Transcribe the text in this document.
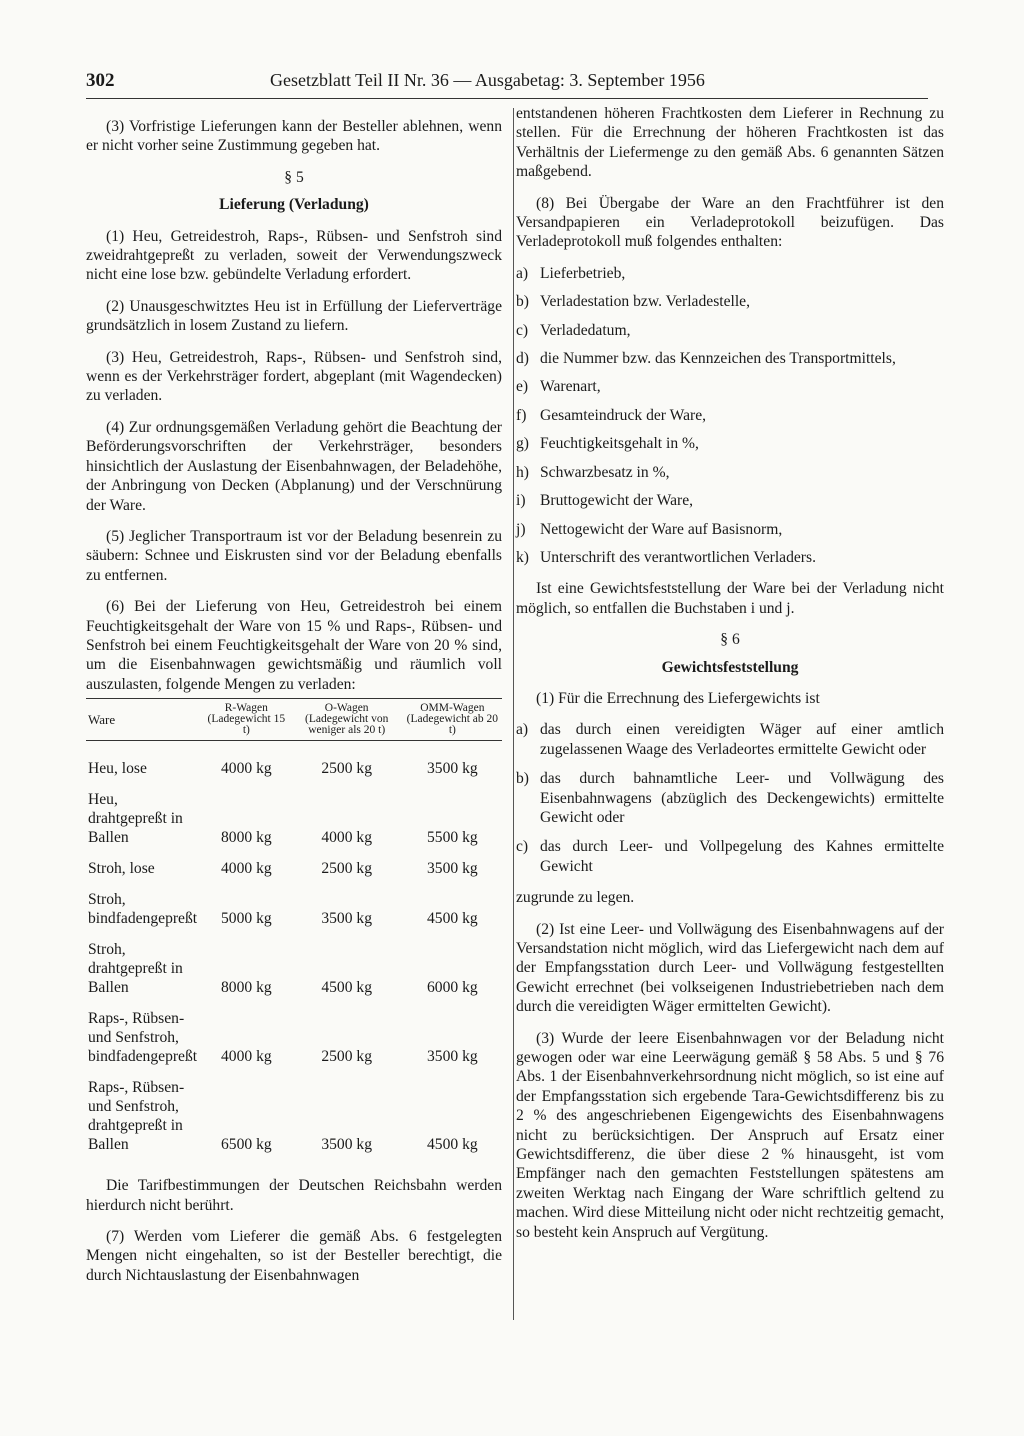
302	Gesetzblatt Teil II Nr. 36 — Ausgabetag: 3. September 1956

(3) Vorfristige Lieferungen kann der Besteller ablehnen, wenn er nicht vorher seine Zustimmung gegeben hat.

§ 5
Lieferung (Verladung)

(1) Heu, Getreidestroh, Raps-, Rübsen- und Senfstroh sind zweidrahtgepreßt zu verladen, soweit der Verwendungszweck nicht eine lose bzw. gebündelte Verladung erfordert.

(2) Unausgeschwitztes Heu ist in Erfüllung der Lieferverträge grundsätzlich in losem Zustand zu liefern.

(3) Heu, Getreidestroh, Raps-, Rübsen- und Senfstroh sind, wenn es der Verkehrsträger fordert, abgeplant (mit Wagendecken) zu verladen.

(4) Zur ordnungsgemäßen Verladung gehört die Beachtung der Beförderungsvorschriften der Verkehrsträger, besonders hinsichtlich der Auslastung der Eisenbahnwagen, der Beladehöhe, der Anbringung von Decken (Abplanung) und der Verschnürung der Ware.

(5) Jeglicher Transportraum ist vor der Beladung besenrein zu säubern: Schnee und Eiskrusten sind vor der Beladung ebenfalls zu entfernen.

(6) Bei der Lieferung von Heu, Getreidestroh bei einem Feuchtigkeitsgehalt der Ware von 15 % und Raps-, Rübsen- und Senfstroh bei einem Feuchtigkeitsgehalt der Ware von 20 % sind, um die Eisenbahnwagen gewichtsmäßig und räumlich voll auszulasten, folgende Mengen zu verladen:

Ware	R-Wagen (Ladegewicht 15 t)	O-Wagen (Ladegewicht von weniger als 20 t)	OMM-Wagen (Ladegewicht ab 20 t)
Heu, lose	4000 kg	2500 kg	3500 kg
Heu, drahtgepreßt in Ballen	8000 kg	4000 kg	5500 kg
Stroh, lose	4000 kg	2500 kg	3500 kg
Stroh, bindfadengepreßt	5000 kg	3500 kg	4500 kg
Stroh, drahtgepreßt in Ballen	8000 kg	4500 kg	6000 kg
Raps-, Rübsen- und Senfstroh, bindfadengepreßt	4000 kg	2500 kg	3500 kg
Raps-, Rübsen- und Senfstroh, drahtgepreßt in Ballen	6500 kg	3500 kg	4500 kg

Die Tarifbestimmungen der Deutschen Reichsbahn werden hierdurch nicht berührt.

(7) Werden vom Lieferer die gemäß Abs. 6 festgelegten Mengen nicht eingehalten, so ist der Besteller berechtigt, die durch Nichtauslastung der Eisenbahnwagen

entstandenen höheren Frachtkosten dem Lieferer in Rechnung zu stellen. Für die Errechnung der höheren Frachtkosten ist das Verhältnis der Liefermenge zu den gemäß Abs. 6 genannten Sätzen maßgebend.

(8) Bei Übergabe der Ware an den Frachtführer ist den Versandpapieren ein Verladeprotokoll beizufügen. Das Verladeprotokoll muß folgendes enthalten:

a) Lieferbetrieb,
b) Verladestation bzw. Verladestelle,
c) Verladedatum,
d) die Nummer bzw. das Kennzeichen des Transportmittels,
e) Warenart,
f) Gesamteindruck der Ware,
g) Feuchtigkeitsgehalt in %,
h) Schwarzbesatz in %,
i) Bruttogewicht der Ware,
j) Nettogewicht der Ware auf Basisnorm,
k) Unterschrift des verantwortlichen Verladers.

Ist eine Gewichtsfeststellung der Ware bei der Verladung nicht möglich, so entfallen die Buchstaben i und j.

§ 6
Gewichtsfeststellung

(1) Für die Errechnung des Liefergewichts ist

a) das durch einen vereidigten Wäger auf einer amtlich zugelassenen Waage des Verladeortes ermittelte Gewicht oder
b) das durch bahnamtliche Leer- und Vollwägung des Eisenbahnwagens (abzüglich des Deckengewichts) ermittelte Gewicht oder
c) das durch Leer- und Vollpegelung des Kahnes ermittelte Gewicht

zugrunde zu legen.

(2) Ist eine Leer- und Vollwägung des Eisenbahnwagens auf der Versandstation nicht möglich, wird das Liefergewicht nach dem auf der Empfangsstation durch Leer- und Vollwägung festgestellten Gewicht errechnet (bei volkseigenen Industriebetrieben nach dem durch die vereidigten Wäger ermittelten Gewicht).

(3) Wurde der leere Eisenbahnwagen vor der Beladung nicht gewogen oder war eine Leerwägung gemäß § 58 Abs. 5 und § 76 Abs. 1 der Eisenbahnverkehrsordnung nicht möglich, so ist eine auf der Empfangsstation sich ergebende Tara-Gewichtsdifferenz bis zu 2 % des angeschriebenen Eigengewichts des Eisenbahnwagens nicht zu berücksichtigen. Der Anspruch auf Ersatz einer Gewichtsdifferenz, die über diese 2 % hinausgeht, ist vom Empfänger nach den gemachten Feststellungen spätestens am zweiten Werktag nach Eingang der Ware schriftlich geltend zu machen. Wird diese Mitteilung nicht oder nicht rechtzeitig gemacht, so besteht kein Anspruch auf Vergütung.
